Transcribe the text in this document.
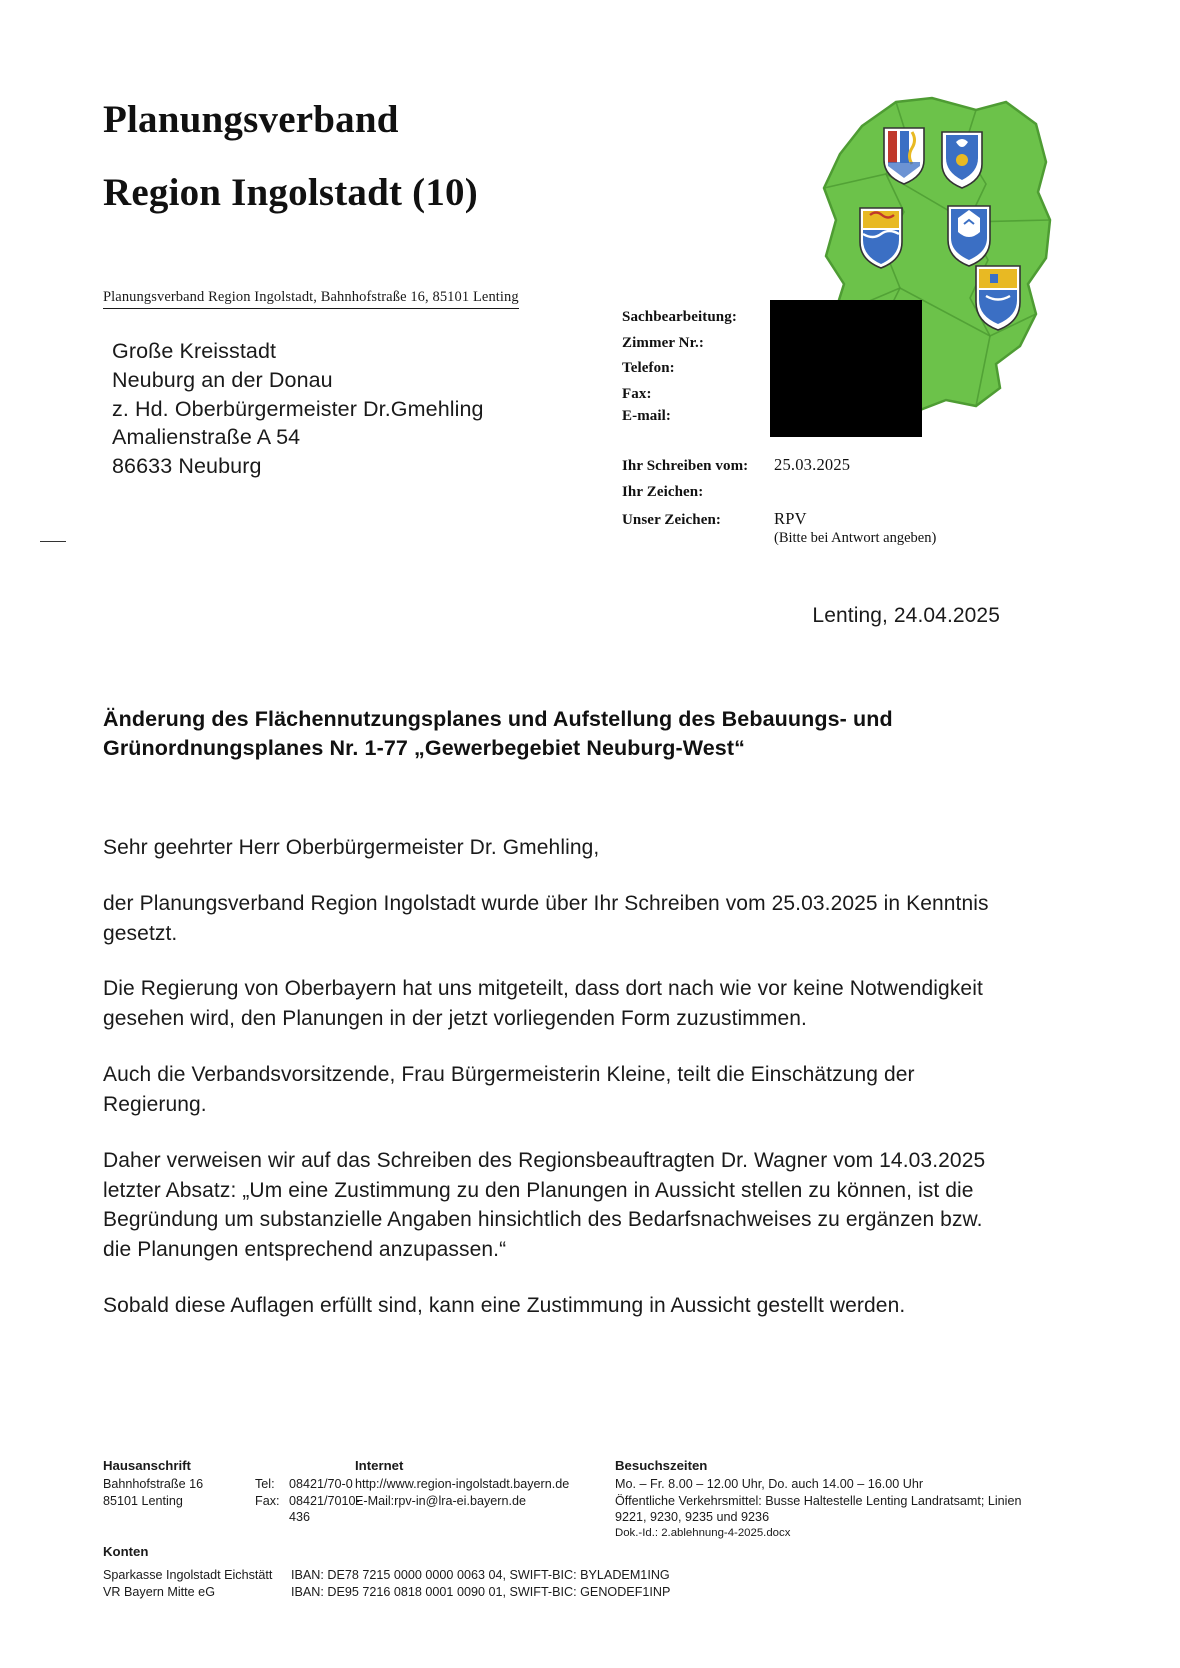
Planungsverband
Region Ingolstadt (10)
Planungsverband Region Ingolstadt, Bahnhofstraße 16, 85101 Lenting
Große Kreisstadt
Neuburg an der Donau
z. Hd. Oberbürgermeister Dr.Gmehling
Amalienstraße A 54
86633 Neuburg
Sachbearbeitung:
Zimmer Nr.:
Telefon:
Fax:
E-mail:
Ihr Schreiben vom:	25.03.2025
Ihr Zeichen:
Unser Zeichen:	RPV
(Bitte bei Antwort angeben)
Lenting, 24.04.2025
Änderung des Flächennutzungsplanes und Aufstellung des Bebauungs- und Grünordnungsplanes Nr. 1-77 „Gewerbegebiet Neuburg-West“

Sehr geehrter Herr Oberbürgermeister Dr. Gmehling,

der Planungsverband Region Ingolstadt wurde über Ihr Schreiben vom 25.03.2025 in Kenntnis gesetzt.

Die Regierung von Oberbayern hat uns mitgeteilt, dass dort nach wie vor keine Notwendigkeit gesehen wird, den Planungen in der jetzt vorliegenden Form zuzustimmen.

Auch die Verbandsvorsitzende, Frau Bürgermeisterin Kleine, teilt die Einschätzung der Regierung.

Daher verweisen wir auf das Schreiben des Regionsbeauftragten Dr. Wagner vom 14.03.2025 letzter Absatz: „Um eine Zustimmung zu den Planungen in Aussicht stellen zu können, ist die Begründung um substanzielle Angaben hinsichtlich des Bedarfsnachweises zu ergänzen bzw. die Planungen entsprechend anzupassen.“

Sobald diese Auflagen erfüllt sind, kann eine Zustimmung in Aussicht gestellt werden.

Hausanschrift
Bahnhofstraße 16
85101 Lenting

Tel:	08421/70-0
Fax: 08421/7010-436
Internet
http://www.region-ingolstadt.bayern.de
E-Mail:rpv-in@lra-ei.bayern.de
Besuchszeiten
Mo. – Fr. 8.00 – 12.00 Uhr, Do. auch 14.00 – 16.00 Uhr
Öffentliche Verkehrsmittel: Busse Haltestelle Lenting Landratsamt; Linien
9221, 9230, 9235 und 9236
Dok.-Id.: 2.ablehnung-4-2025.docx
Konten
Sparkasse Ingolstadt Eichstätt	IBAN: DE78 7215 0000 0000 0063 04, SWIFT-BIC: BYLADEM1ING
VR Bayern Mitte eG	IBAN: DE95 7216 0818 0001 0090 01, SWIFT-BIC: GENODEF1INP
